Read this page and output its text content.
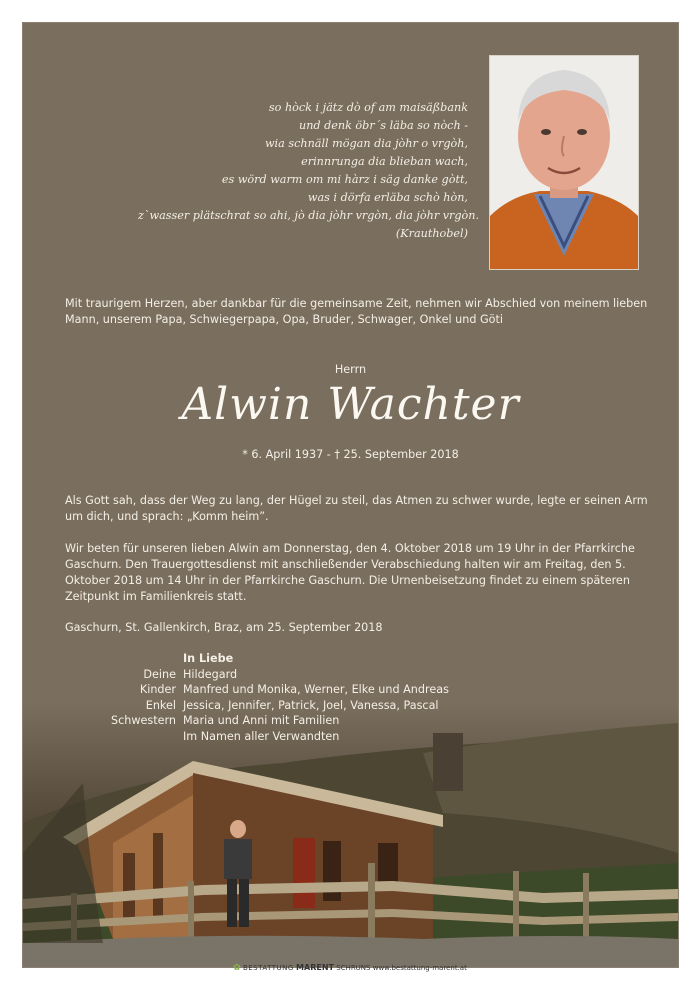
so hòck i jätz dò of am maisäßbank
und denk öbr´s läba so nòch -
wia schnäll mögan dia jòhr o vrgòh,
erinnrunga dia blieban wach,
es wörd warm om mi hàrz i säg danke gòtt,
was i dörfa erläba schò hòn,
z`wasser plätschrat so ahi, jò dia jòhr vrgòn, dia jòhr vrgòn.
(Krauthobel)
Mit traurigem Herzen, aber dankbar für die gemeinsame Zeit, nehmen wir Abschied von meinem lieben Mann, unserem Papa, Schwiegerpapa, Opa, Bruder, Schwager, Onkel und Göti
Herrn
Alwin Wachter
* 6. April 1937 - † 25. September 2018
Als Gott sah, dass der Weg zu lang, der Hügel zu steil, das Atmen zu schwer wurde, legte er seinen Arm um dich, und sprach: „Komm heim”.
Wir beten für unseren lieben Alwin am Donnerstag, den 4. Oktober 2018 um 19 Uhr in der Pfarrkirche Gaschurn. Den Trauergottesdienst mit anschließender Verabschiedung halten wir am Freitag, den 5. Oktober 2018 um 14 Uhr in der Pfarrkirche Gaschurn. Die Urnenbeisetzung findet zu einem späteren Zeitpunkt im Familienkreis statt.
Gaschurn, St. Gallenkirch, Braz, am 25. September 2018
In Liebe
Deine Hildegard
Kinder Manfred und Monika, Werner, Elke und Andreas
Enkel Jessica, Jennifer, Patrick, Joel, Vanessa, Pascal
Schwestern Maria und Anni mit Familien
Im Namen aller Verwandten
✿ BESTATTUNG MARENT SCHRUNS www.bestattung-marent.at
